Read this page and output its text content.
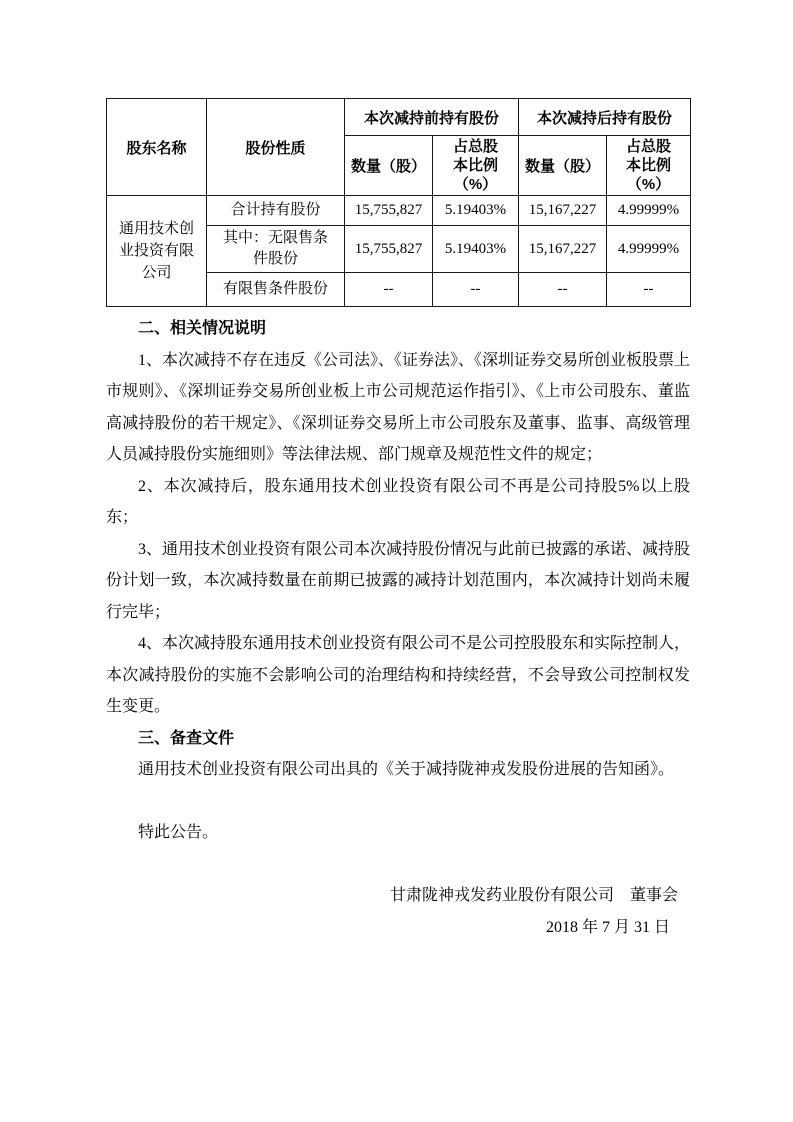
股东名称	股份性质	本次减持前持有股份		本次减持后持有股份	
		数量（股）	占总股本比例（%）	数量（股）	占总股本比例（%）
通用技术创业投资有限公司	合计持有股份	15,755,827	5.19403%	15,167,227	4.99999%
	其中：无限售条件股份	15,755,827	5.19403%	15,167,227	4.99999%
	有限售条件股份	--	--	--	--

二、相关情况说明

1、本次减持不存在违反《公司法》、《证券法》、《深圳证券交易所创业板股票上市规则》、《深圳证券交易所创业板上市公司规范运作指引》、《上市公司股东、董监高减持股份的若干规定》、《深圳证券交易所上市公司股东及董事、监事、高级管理人员减持股份实施细则》等法律法规、部门规章及规范性文件的规定；

2、本次减持后，股东通用技术创业投资有限公司不再是公司持股5%以上股东；

3、通用技术创业投资有限公司本次减持股份情况与此前已披露的承诺、减持股份计划一致，本次减持数量在前期已披露的减持计划范围内，本次减持计划尚未履行完毕；

4、本次减持股东通用技术创业投资有限公司不是公司控股股东和实际控制人，本次减持股份的实施不会影响公司的治理结构和持续经营，不会导致公司控制权发生变更。

三、备查文件

通用技术创业投资有限公司出具的《关于减持陇神戎发股份进展的告知函》。

特此公告。

甘肃陇神戎发药业股份有限公司　董事会

2018 年 7 月 31 日
